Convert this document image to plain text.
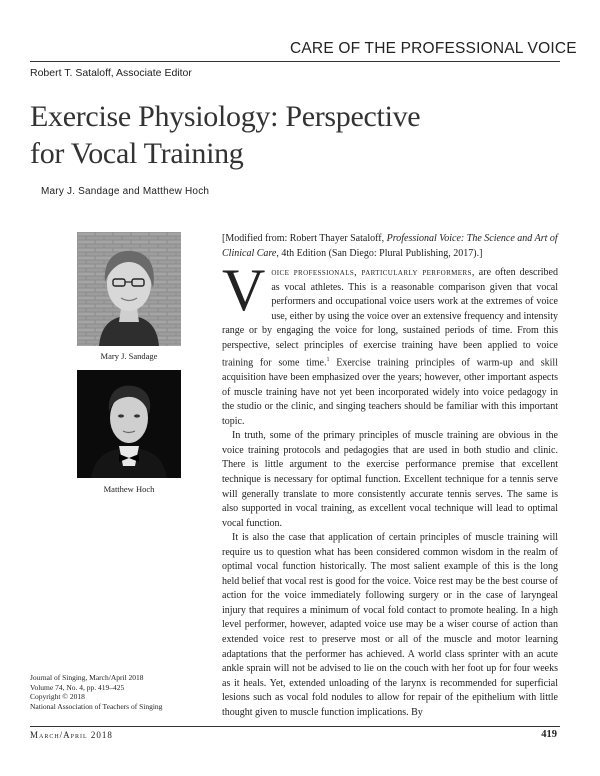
CARE OF THE PROFESSIONAL VOICE
Robert T. Sataloff, Associate Editor
Exercise Physiology: Perspective
for Vocal Training
Mary J. Sandage and Matthew Hoch
Mary J. Sandage
Matthew Hoch
Journal of Singing, March/April 2018
Volume 74, No. 4, pp. 419–425
Copyright © 2018
National Association of Teachers of Singing
[Modified from: Robert Thayer Sataloff, Professional Voice: The Science and Art of Clinical Care, 4th Edition (San Diego: Plural Publishing, 2017).]

Voice professionals, particularly performers, are often described as vocal athletes. This is a reasonable comparison given that vocal performers and occupational voice users work at the extremes of voice use, either by using the voice over an extensive frequency and intensity range or by engaging the voice for long, sustained periods of time. From this perspective, select principles of exercise training have been applied to voice training for some time.$^1$ Exercise training principles of warm-up and skill acquisition have been emphasized over the years; however, other important aspects of muscle training have not yet been incorporated widely into voice pedagogy in the studio or the clinic, and singing teachers should be familiar with this important topic.

In truth, some of the primary principles of muscle training are obvious in the voice training protocols and pedagogies that are used in both studio and clinic. There is little argument to the exercise performance premise that excellent technique is necessary for optimal function. Excellent technique for a tennis serve will generally translate to more consistently accurate tennis serves. The same is also supported in vocal training, as excellent vocal technique will lead to optimal vocal function.

It is also the case that application of certain principles of muscle training will require us to question what has been considered common wisdom in the realm of optimal vocal function historically. The most salient example of this is the long held belief that vocal rest is good for the voice. Voice rest may be the best course of action for the voice immediately following surgery or in the case of laryngeal injury that requires a minimum of vocal fold contact to promote healing. In a high level performer, however, adapted voice use may be a wiser course of action than extended voice rest to preserve most or all of the muscle and motor learning adaptations that the performer has achieved. A world class sprinter with an acute ankle sprain will not be advised to lie on the couch with her foot up for four weeks as it heals. Yet, extended unloading of the larynx is recommended for superficial lesions such as vocal fold nodules to allow for repair of the epithelium with little thought given to muscle function implications. By

March/April 2018	419
